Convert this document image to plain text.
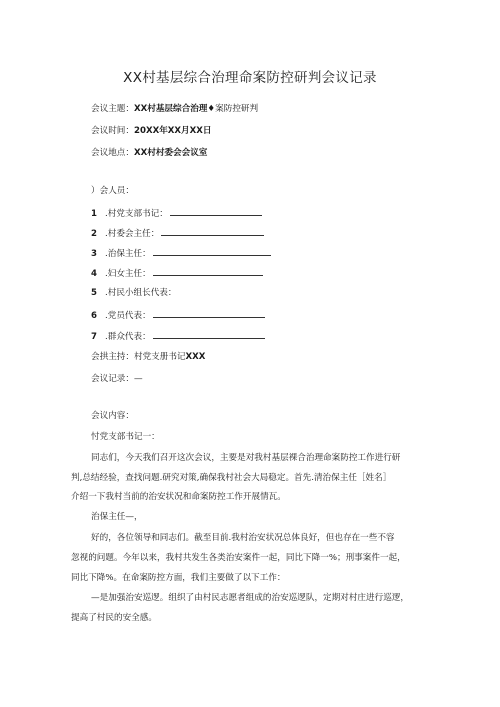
XX村基层综合治理命案防控研判会议记录
会议主题：XX村基层综合治理♦案防控研判
会议时间：20XX年XX月XX日
会议地点：XX村村委会会议室
）会人员：
1 .村党支部书记：
2 .村委会主任：
3 .治保主任：
4 .妇女主任：
5 .村民小组长代表：
6 .党员代表：
7 .群众代表：
会拱主持：村党支册书记XXX
会议记录：—
会议内容：
忖党支部书记一：
同志们，今天我们召开这次会议，主要是对我村基层裸合治理命案防控工作进行研
判,总结经验，查找问题.研究对策,确保我村社会大局稳定。首先.清治保主任［姓名］
介绍一下我村当前的治安状况和命案防控工作开展情瓦。
治保主任—，
好的，各位领导和同志们。截至目前.我村治安状况总体良好，但也存在一些不容
忽视的问题。今年以来，我村共发生各类治安案件一起，同比下降一%；刑事案件一起，
同比下降%。在命案防控方面，我们主要做了以下工作：
—是加强治安巡逻。组织了由村民志愿者组成的治安巡逻队，定期对村庄进行巡逻，
提高了村民的安全感。
